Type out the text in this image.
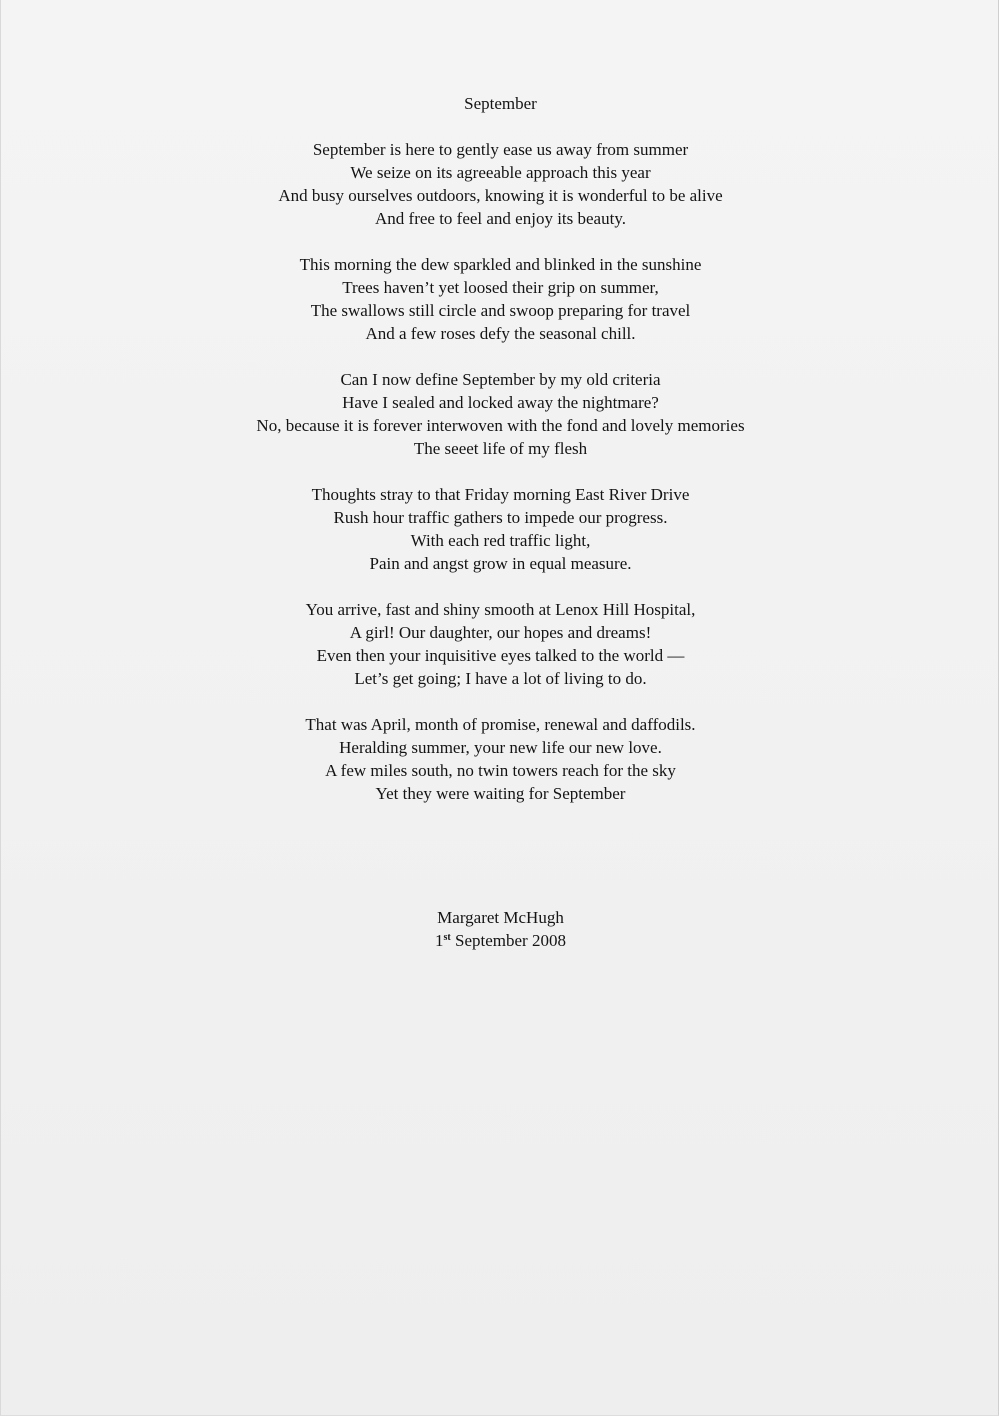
September
September is here to gently ease us away from summer
We seize on its agreeable approach this year
And busy ourselves outdoors, knowing it is wonderful to be alive
And free to feel and enjoy its beauty.
This morning the dew sparkled and blinked in the sunshine
Trees haven’t yet loosed their grip on summer,
The swallows still circle and swoop preparing for travel
And a few roses defy the seasonal chill.
Can I now define September by my old criteria
Have I sealed and locked away the nightmare?
No, because it is forever interwoven with the fond and lovely memories
The seeet life of my flesh
Thoughts stray to that Friday morning East River Drive
Rush hour traffic gathers to impede our progress.
With each red traffic light,
Pain and angst grow in equal measure.
You arrive, fast and shiny smooth at Lenox Hill Hospital,
A girl! Our daughter, our hopes and dreams!
Even then your inquisitive eyes talked to the world —
Let’s get going; I have a lot of living to do.
That was April, month of promise, renewal and daffodils.
Heralding summer, your new life our new love.
A few miles south, no twin towers reach for the sky
Yet they were waiting for September
Margaret McHugh
1st September 2008
